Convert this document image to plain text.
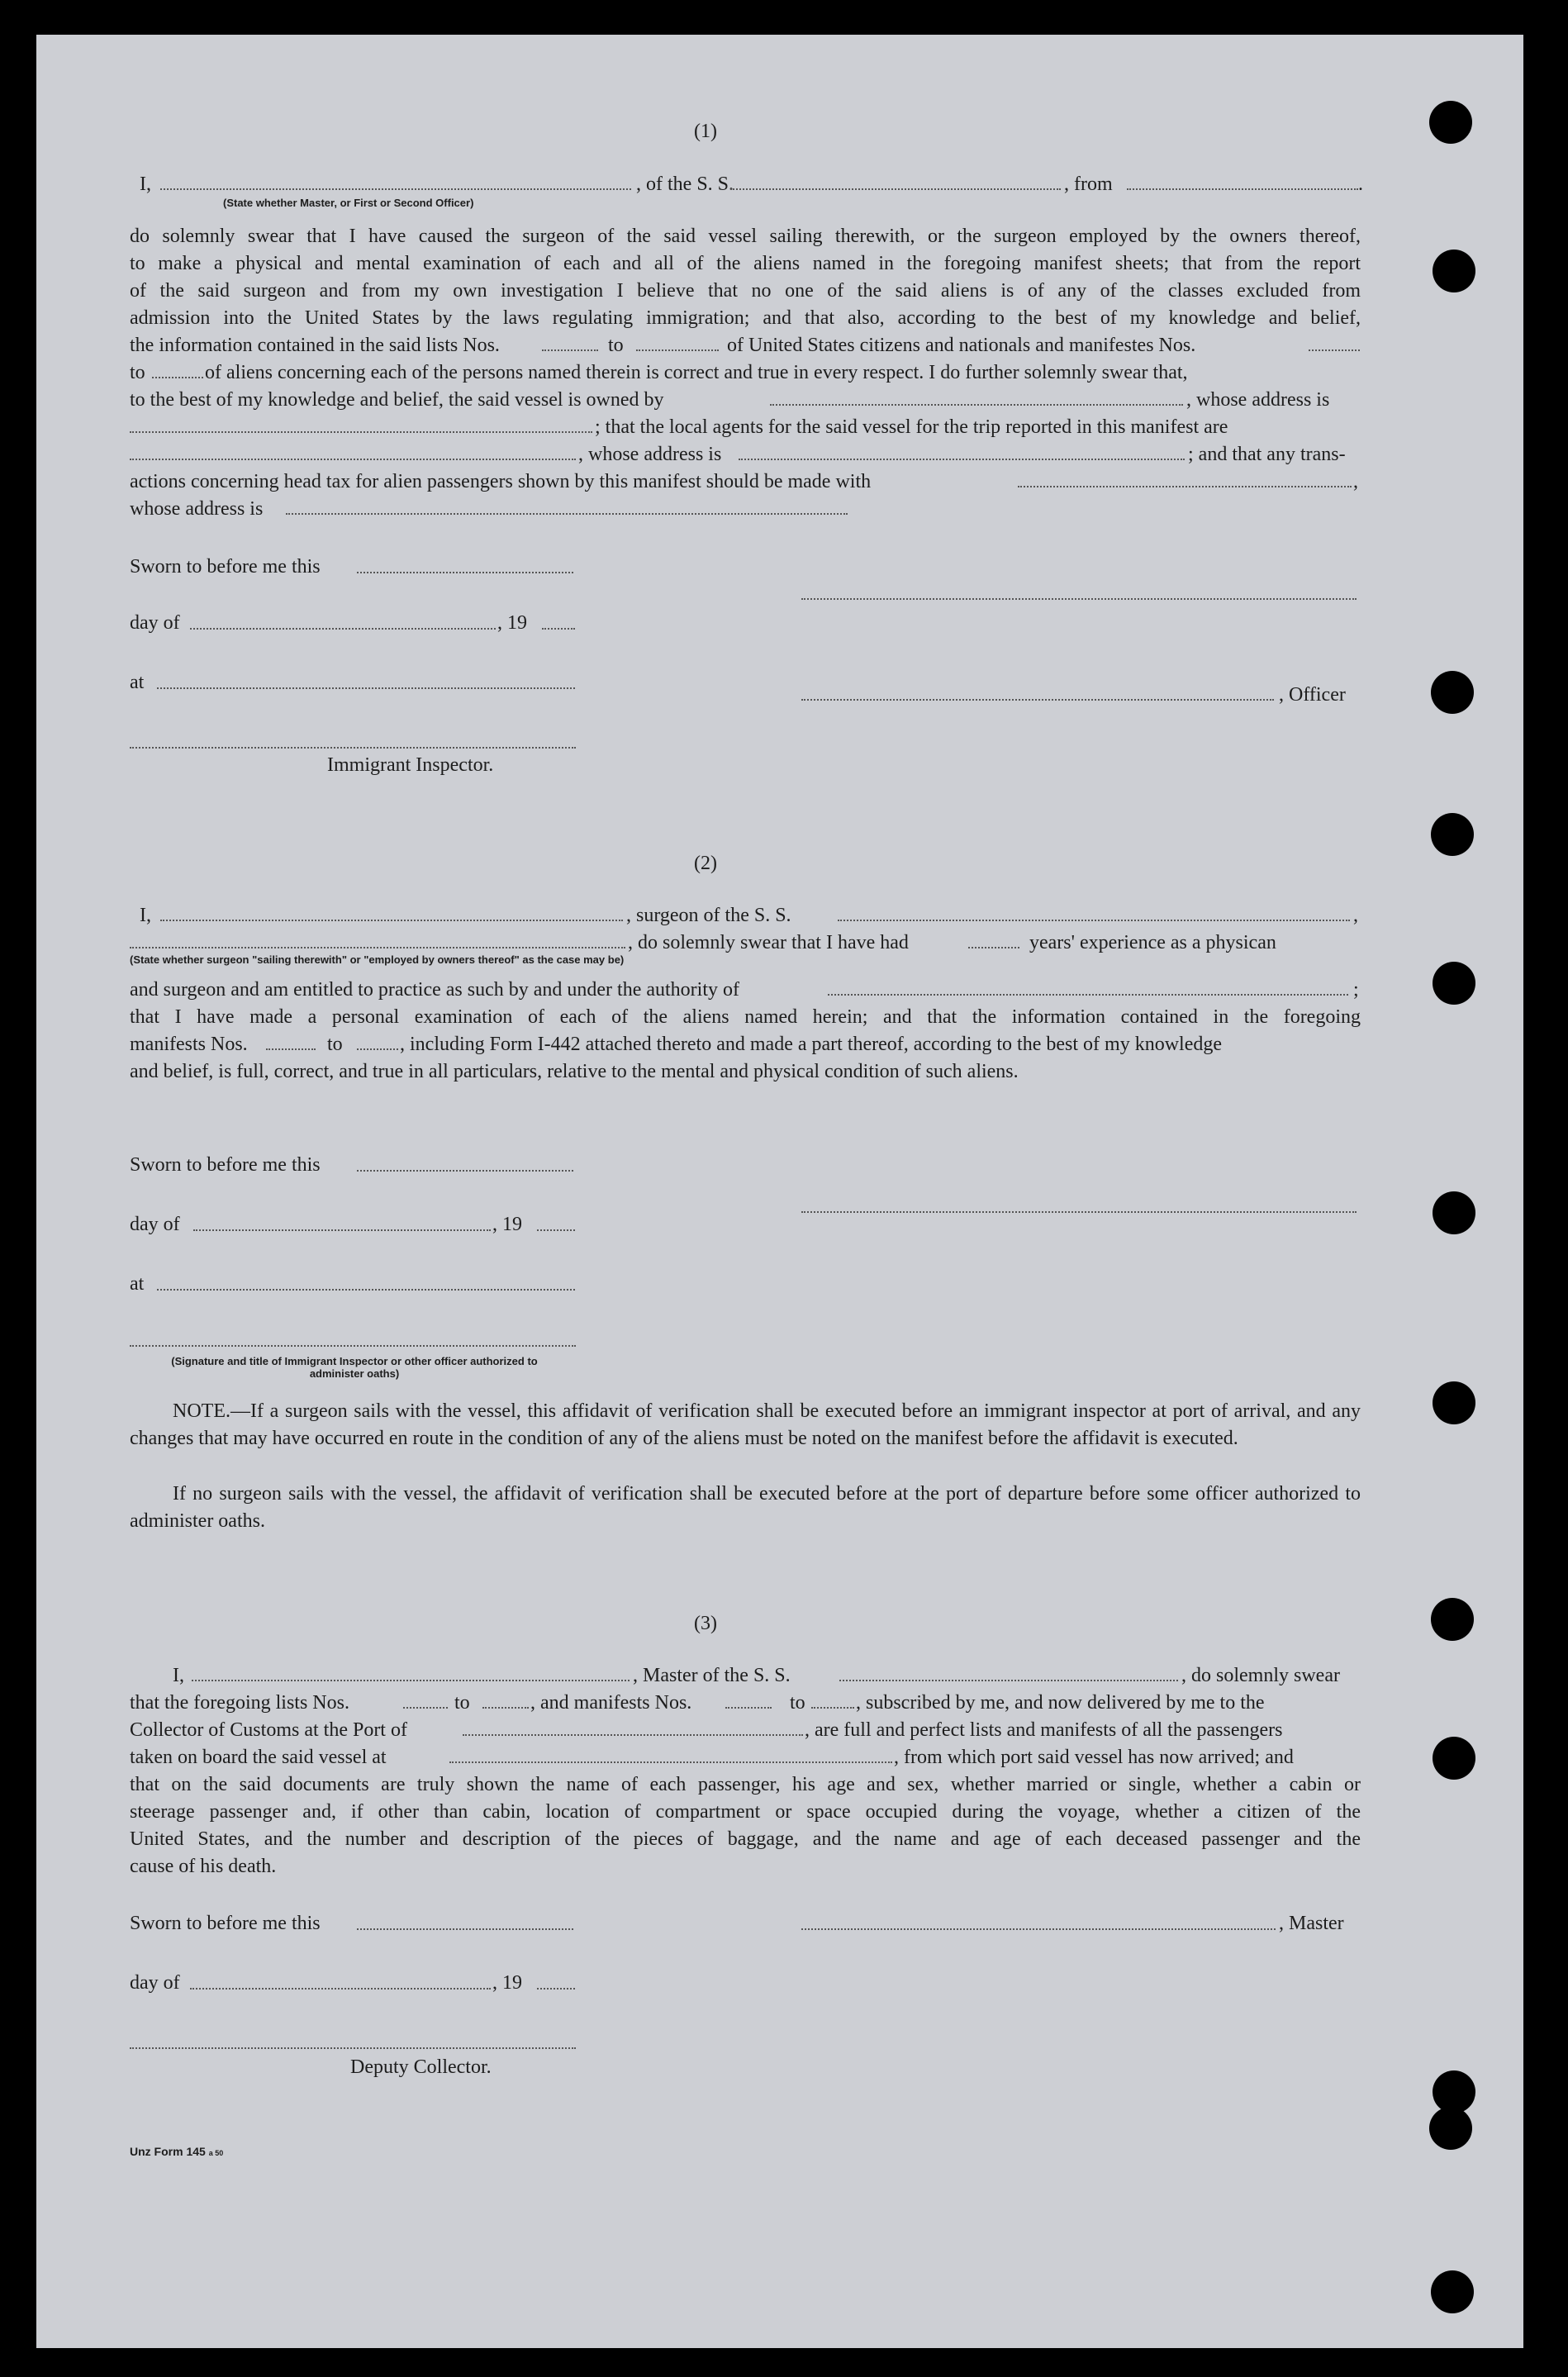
(1)
I,	, of the S. S.	, from	.
(State whether Master, or First or Second Officer)
do solemnly swear that I have caused the surgeon of the said vessel sailing therewith, or the surgeon employed by the owners thereof,
to make a physical and mental examination of each and all of the aliens named in the foregoing manifest sheets; that from the report
of the said surgeon and from my own investigation I believe that no one of the said aliens is of any of the classes excluded from
admission into the United States by the laws regulating immigration; and that also, according to the best of my knowledge and belief,
the information contained in the said lists Nos.	to	of United States citizens and nationals and manifestes Nos.
to	of aliens concerning each of the persons named therein is correct and true in every respect. I do further solemnly swear that,
to the best of my knowledge and belief, the said vessel is owned by	, whose address is
; that the local agents for the said vessel for the trip reported in this manifest are
, whose address is	; and that any trans-
actions concerning head tax for alien passengers shown by this manifest should be made with	,
whose address is
Sworn to before me this
day of	, 19
at
, Officer
Immigrant Inspector.
(2)
I,	, surgeon of the S. S.	,
, do solemnly swear that I have had	years' experience as a physican
(State whether surgeon "sailing therewith" or "employed by owners thereof" as the case may be)
and surgeon and am entitled to practice as such by and under the authority of	;
that I have made a personal examination of each of the aliens named herein; and that the information contained in the foregoing
manifests Nos.	to	, including Form I-442 attached thereto and made a part thereof, according to the best of my knowledge
and belief, is full, correct, and true in all particulars, relative to the mental and physical condition of such aliens.
Sworn to before me this
day of	, 19
at
(Signature and title of Immigrant Inspector or other officer authorized to administer oaths)
NOTE.—If a surgeon sails with the vessel, this affidavit of verification shall be executed before an immigrant inspector at port of arrival, and any changes that may have occurred en route in the condition of any of the aliens must be noted on the manifest before the affidavit is executed.
If no surgeon sails with the vessel, the affidavit of verification shall be executed before at the port of departure before some officer authorized to administer oaths.
(3)
I,	, Master of the S. S.	, do solemnly swear
that the foregoing lists Nos.	to	, and manifests Nos.	to	, subscribed by me, and now delivered by me to the
Collector of Customs at the Port of	, are full and perfect lists and manifests of all the passengers
taken on board the said vessel at	, from which port said vessel has now arrived; and
that on the said documents are truly shown the name of each passenger, his age and sex, whether married or single, whether a cabin or
steerage passenger and, if other than cabin, location of compartment or space occupied during the voyage, whether a citizen of the
United States, and the number and description of the pieces of baggage, and the name and age of each deceased passenger and the
cause of his death.
Sworn to before me this	, Master
day of	, 19
Deputy Collector.
Unz Form 145 a 50
